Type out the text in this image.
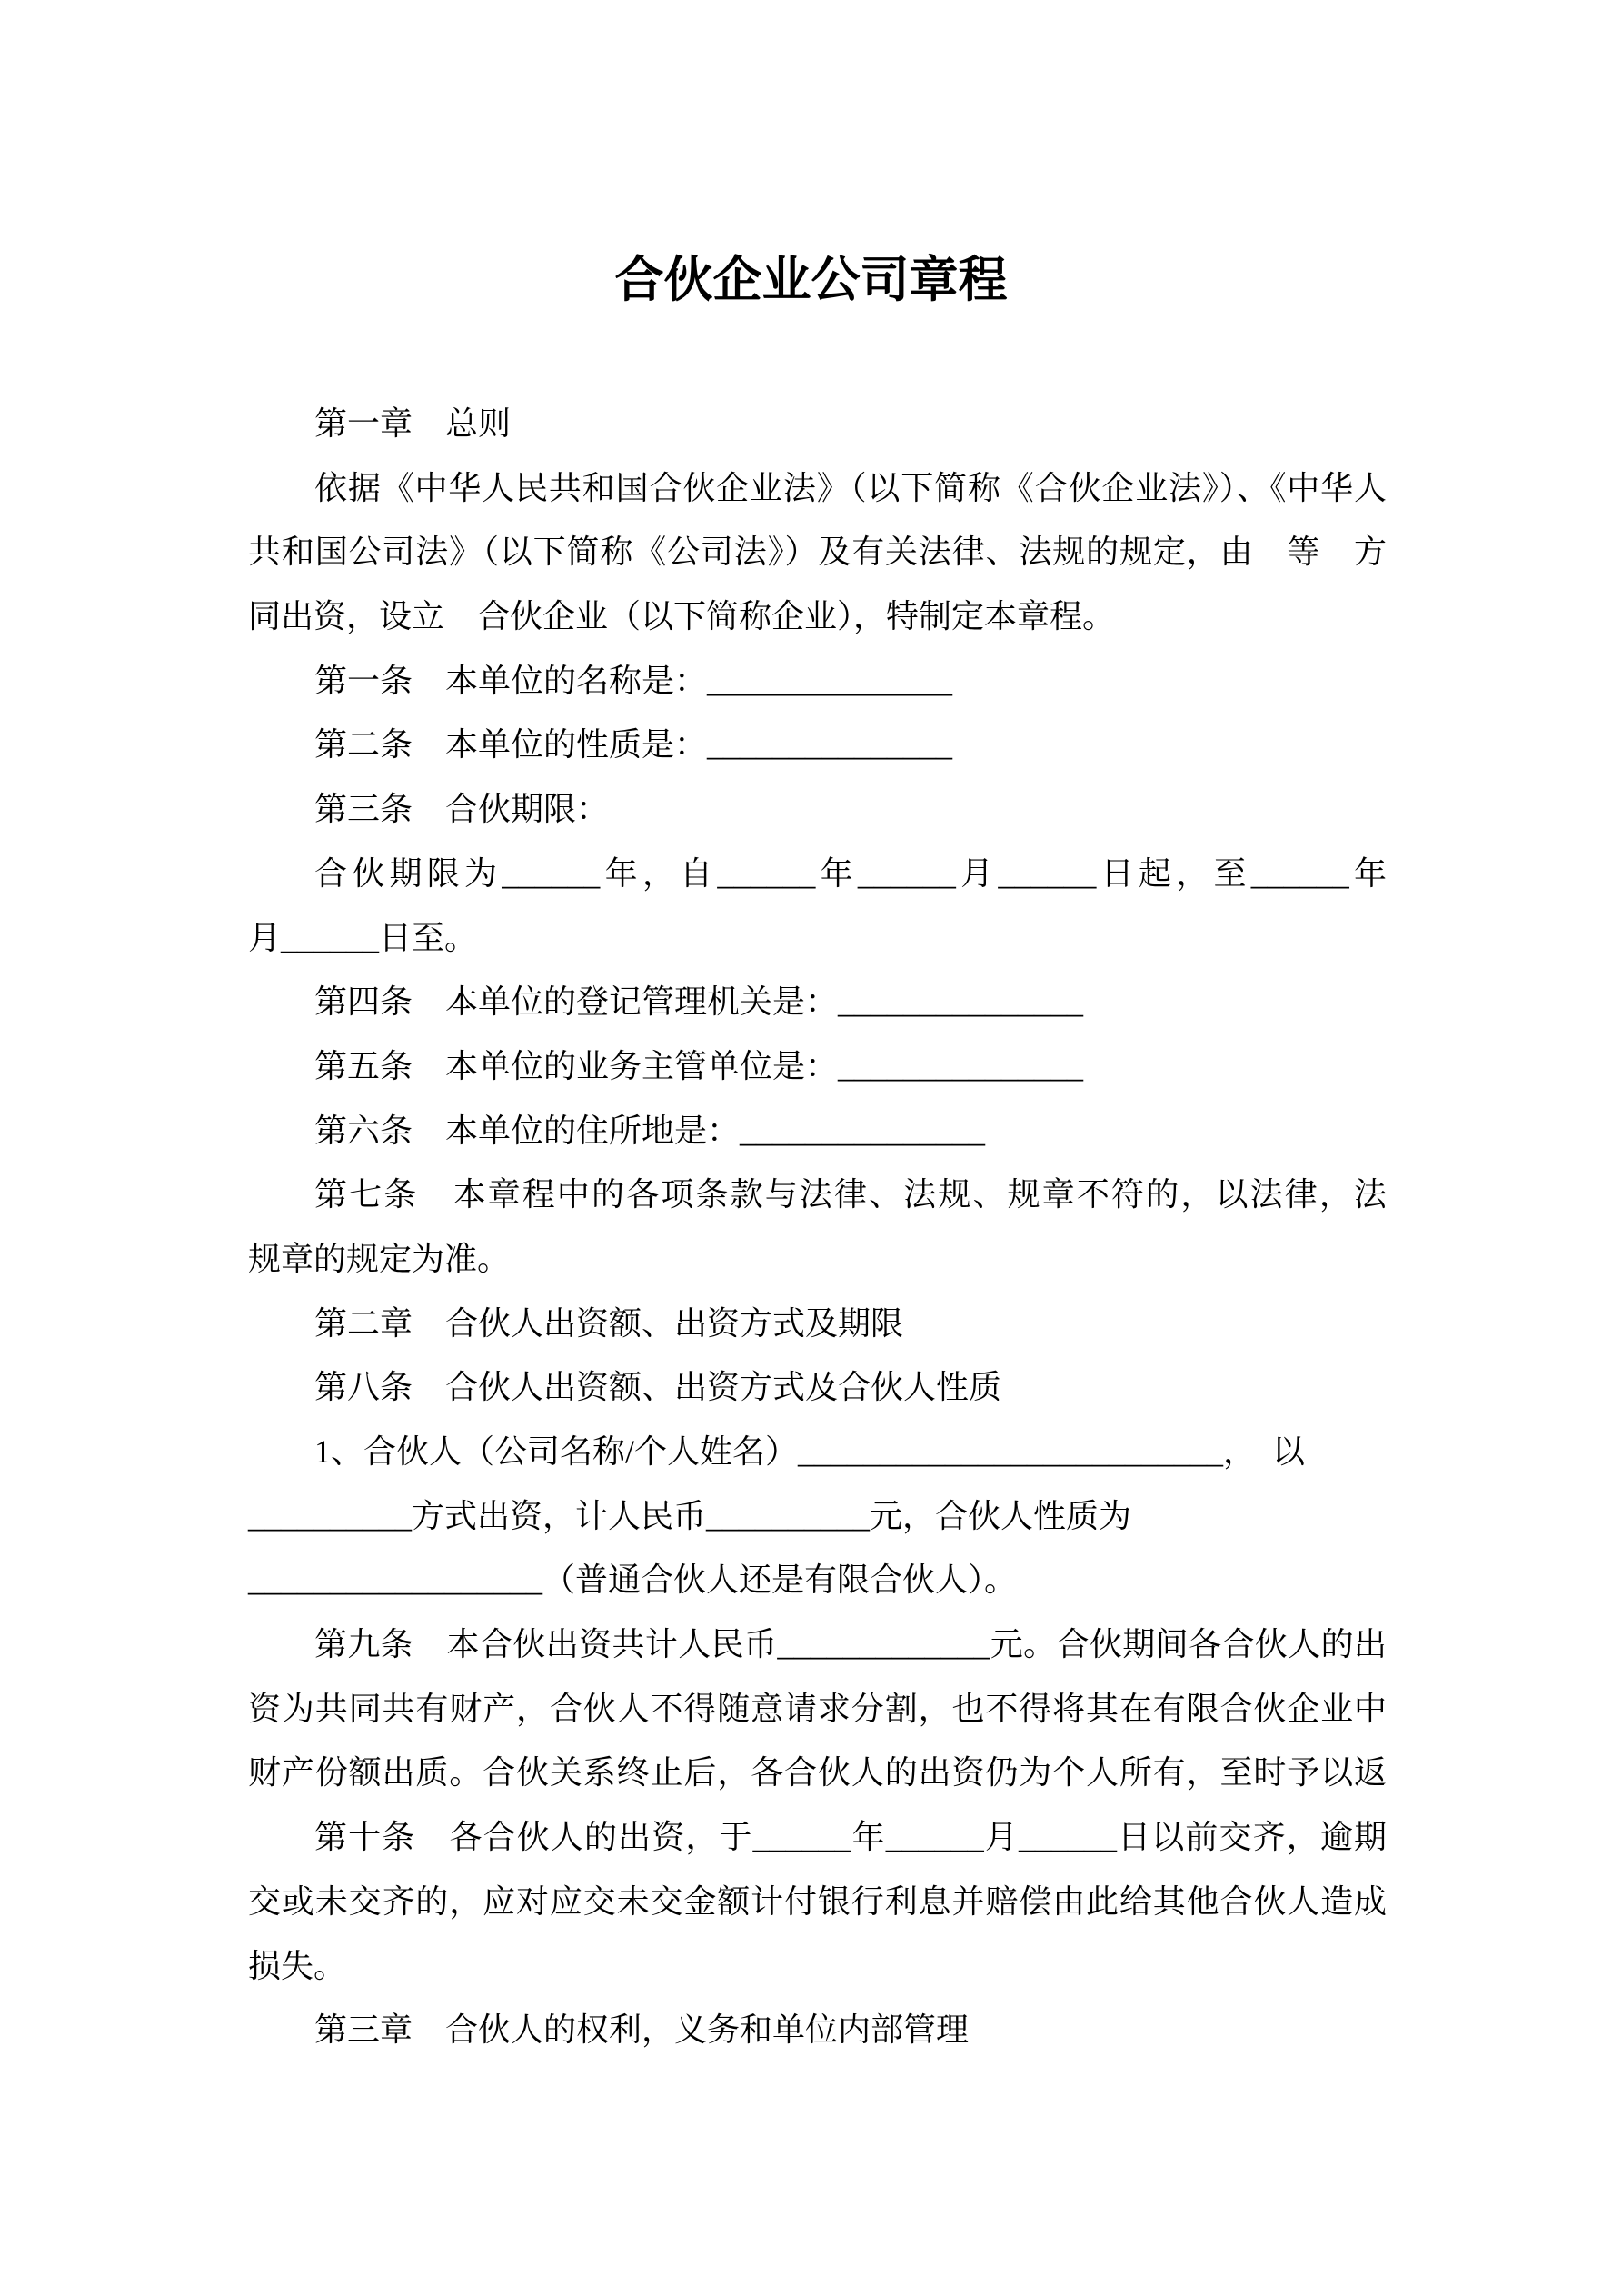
合伙企业公司章程
第一章　总则
依据《中华人民共和国合伙企业法》（以下简称《合伙企业法》）、《中华人
共和国公司法》（以下简称《公司法》）及有关法律、法规的规定，由　等　方
同出资，设立　合伙企业（以下简称企业），特制定本章程。
第一条　本单位的名称是：_______________
第二条　本单位的性质是：_______________
第三条　合伙期限：
合伙期限为______年，自______年______月______日起，至______年
月______日至。
第四条　本单位的登记管理机关是：_______________
第五条　本单位的业务主管单位是：_______________
第六条　本单位的住所地是：_______________
第七条　本章程中的各项条款与法律、法规、规章不符的，以法律，法
规章的规定为准。
第二章　合伙人出资额、出资方式及期限
第八条　合伙人出资额、出资方式及合伙人性质
1、合伙人（公司名称/个人姓名）__________________________，　以
__________方式出资，计人民币__________元，合伙人性质为
__________________（普通合伙人还是有限合伙人）。
第九条　本合伙出资共计人民币_____________元。合伙期间各合伙人的出
资为共同共有财产，合伙人不得随意请求分割，也不得将其在有限合伙企业中
财产份额出质。合伙关系终止后，各合伙人的出资仍为个人所有，至时予以返
第十条　各合伙人的出资，于______年______月______日以前交齐，逾期
交或未交齐的，应对应交未交金额计付银行利息并赔偿由此给其他合伙人造成
损失。
第三章　合伙人的权利，义务和单位内部管理
